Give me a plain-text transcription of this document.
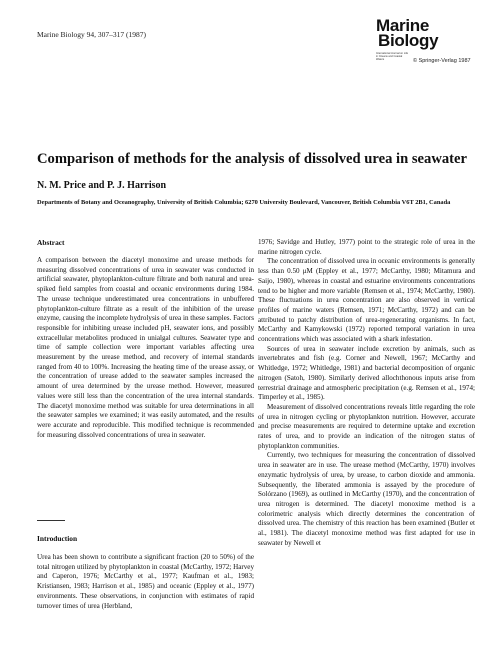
Marine Biology 94, 307–317 (1987)	Marine
Biology
International Journal on Life in Oceans and Coastal Waters	© Springer-Verlag 1987
Comparison of methods for the analysis of dissolved urea in seawater
N. M. Price and P. J. Harrison
Departments of Botany and Oceanography, University of British Columbia; 6270 University Boulevard, Vancouver, British Columbia V6T 2B1, Canada
Abstract
A comparison between the diacetyl monoxime and urease methods for measuring dissolved concentrations of urea in seawater was conducted in artificial seawater, phytoplankton-culture filtrate and both natural and urea-spiked field samples from coastal and oceanic environments during 1984. The urease technique underestimated urea concentrations in unbuffered phytoplankton-culture filtrate as a result of the inhibition of the urease enzyme, causing the incomplete hydrolysis of urea in these samples. Factors responsible for inhibiting urease included pH, seawater ions, and possibly extracellular metabolites produced in unialgal cultures. Seawater type and time of sample collection were important variables affecting urea measurement by the urease method, and recovery of internal standards ranged from 40 to 100%. Increasing the heating time of the urease assay, or the concentration of urease added to the seawater samples increased the amount of urea determined by the urease method. However, measured values were still less than the concentration of the urea internal standards. The diacetyl monoxime method was suitable for urea determinations in all the seawater samples we examined; it was easily automated, and the results were accurate and reproducible. This modified technique is recommended for measuring dissolved concentrations of urea in seawater.
Introduction
Urea has been shown to contribute a significant fraction (20 to 50%) of the total nitrogen utilized by phytoplankton in coastal (McCarthy, 1972; Harvey and Caperon, 1976; McCarthy et al., 1977; Kaufman et al., 1983; Kristiansen, 1983; Harrison et al., 1985) and oceanic (Eppley et al., 1977) environments. These observations, in conjunction with estimates of rapid turnover times of urea (Herbland,

1976; Savidge and Hutley, 1977) point to the strategic role of urea in the marine nitrogen cycle.

The concentration of dissolved urea in oceanic environments is generally less than 0.50 μM (Eppley et al., 1977; McCarthy, 1980; Mitamura and Saijo, 1980), whereas in coastal and estuarine environments concentrations tend to be higher and more variable (Remsen et al., 1974; McCarthy, 1980). These fluctuations in urea concentration are also observed in vertical profiles of marine waters (Remsen, 1971; McCarthy, 1972) and can be attributed to patchy distribution of urea-regenerating organisms. In fact, McCarthy and Kamykowski (1972) reported temporal variation in urea concentrations which was associated with a shark infestation.

Sources of urea in seawater include excretion by animals, such as invertebrates and fish (e.g. Corner and Newell, 1967; McCarthy and Whitledge, 1972; Whitledge, 1981) and bacterial decomposition of organic nitrogen (Satoh, 1980). Similarly derived allochthonous inputs arise from terrestrial drainage and atmospheric precipitation (e.g. Remsen et al., 1974; Timperley et al., 1985).

Measurement of dissolved concentrations reveals little regarding the role of urea in nitrogen cycling or phytoplankton nutrition. However, accurate and precise measurements are required to determine uptake and excretion rates of urea, and to provide an indication of the nitrogen status of phytoplankton communities.

Currently, two techniques for measuring the concentration of dissolved urea in seawater are in use. The urease method (McCarthy, 1970) involves enzymatic hydrolysis of urea, by urease, to carbon dioxide and ammonia. Subsequently, the liberated ammonia is assayed by the procedure of Solórzano (1969), as outlined in McCarthy (1970), and the concentration of urea nitrogen is determined. The diacetyl monoxime method is a colorimetric analysis which directly determines the concentration of dissolved urea. The chemistry of this reaction has been examined (Butler et al., 1981). The diacetyl monoxime method was first adapted for use in seawater by Newell et
